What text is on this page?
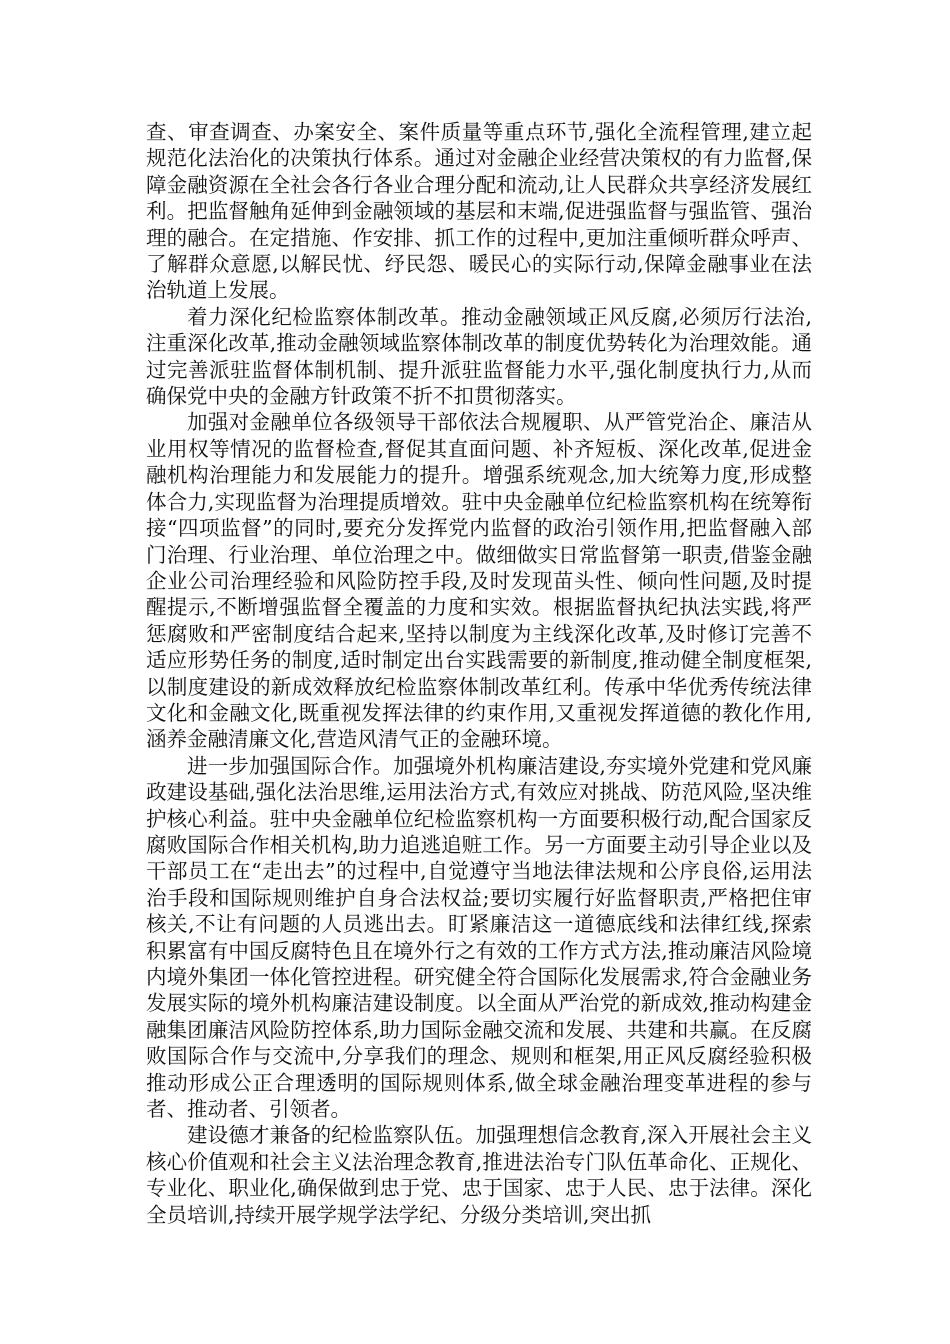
查、审查调查、办案安全、案件质量等重点环节,强化全流程管理,建立起规范化法治化的决策执行体系。通过对金融企业经营决策权的有力监督,保障金融资源在全社会各行各业合理分配和流动,让人民群众共享经济发展红利。把监督触角延伸到金融领域的基层和末端,促进强监督与强监管、强治理的融合。在定措施、作安排、抓工作的过程中,更加注重倾听群众呼声、了解群众意愿,以解民忧、纾民怨、暖民心的实际行动,保障金融事业在法治轨道上发展。

着力深化纪检监察体制改革。推动金融领域正风反腐,必须厉行法治,注重深化改革,推动金融领域监察体制改革的制度优势转化为治理效能。通过完善派驻监督体制机制、提升派驻监督能力水平,强化制度执行力,从而确保党中央的金融方针政策不折不扣贯彻落实。

加强对金融单位各级领导干部依法合规履职、从严管党治企、廉洁从业用权等情况的监督检查,督促其直面问题、补齐短板、深化改革,促进金融机构治理能力和发展能力的提升。增强系统观念,加大统筹力度,形成整体合力,实现监督为治理提质增效。驻中央金融单位纪检监察机构在统筹衔接“四项监督”的同时,要充分发挥党内监督的政治引领作用,把监督融入部门治理、行业治理、单位治理之中。做细做实日常监督第一职责,借鉴金融企业公司治理经验和风险防控手段,及时发现苗头性、倾向性问题,及时提醒提示,不断增强监督全覆盖的力度和实效。根据监督执纪执法实践,将严惩腐败和严密制度结合起来,坚持以制度为主线深化改革,及时修订完善不适应形势任务的制度,适时制定出台实践需要的新制度,推动健全制度框架,以制度建设的新成效释放纪检监察体制改革红利。传承中华优秀传统法律文化和金融文化,既重视发挥法律的约束作用,又重视发挥道德的教化作用,涵养金融清廉文化,营造风清气正的金融环境。

进一步加强国际合作。加强境外机构廉洁建设,夯实境外党建和党风廉政建设基础,强化法治思维,运用法治方式,有效应对挑战、防范风险,坚决维护核心利益。驻中央金融单位纪检监察机构一方面要积极行动,配合国家反腐败国际合作相关机构,助力追逃追赃工作。另一方面要主动引导企业以及干部员工在“走出去”的过程中,自觉遵守当地法律法规和公序良俗,运用法治手段和国际规则维护自身合法权益;要切实履行好监督职责,严格把住审核关,不让有问题的人员逃出去。盯紧廉洁这一道德底线和法律红线,探索积累富有中国反腐特色且在境外行之有效的工作方式方法,推动廉洁风险境内境外集团一体化管控进程。研究健全符合国际化发展需求,符合金融业务发展实际的境外机构廉洁建设制度。以全面从严治党的新成效,推动构建金融集团廉洁风险防控体系,助力国际金融交流和发展、共建和共赢。在反腐败国际合作与交流中,分享我们的理念、规则和框架,用正风反腐经验积极推动形成公正合理透明的国际规则体系,做全球金融治理变革进程的参与者、推动者、引领者。

建设德才兼备的纪检监察队伍。加强理想信念教育,深入开展社会主义核心价值观和社会主义法治理念教育,推进法治专门队伍革命化、正规化、专业化、职业化,确保做到忠于党、忠于国家、忠于人民、忠于法律。深化全员培训,持续开展学规学法学纪、分级分类培训,突出抓
